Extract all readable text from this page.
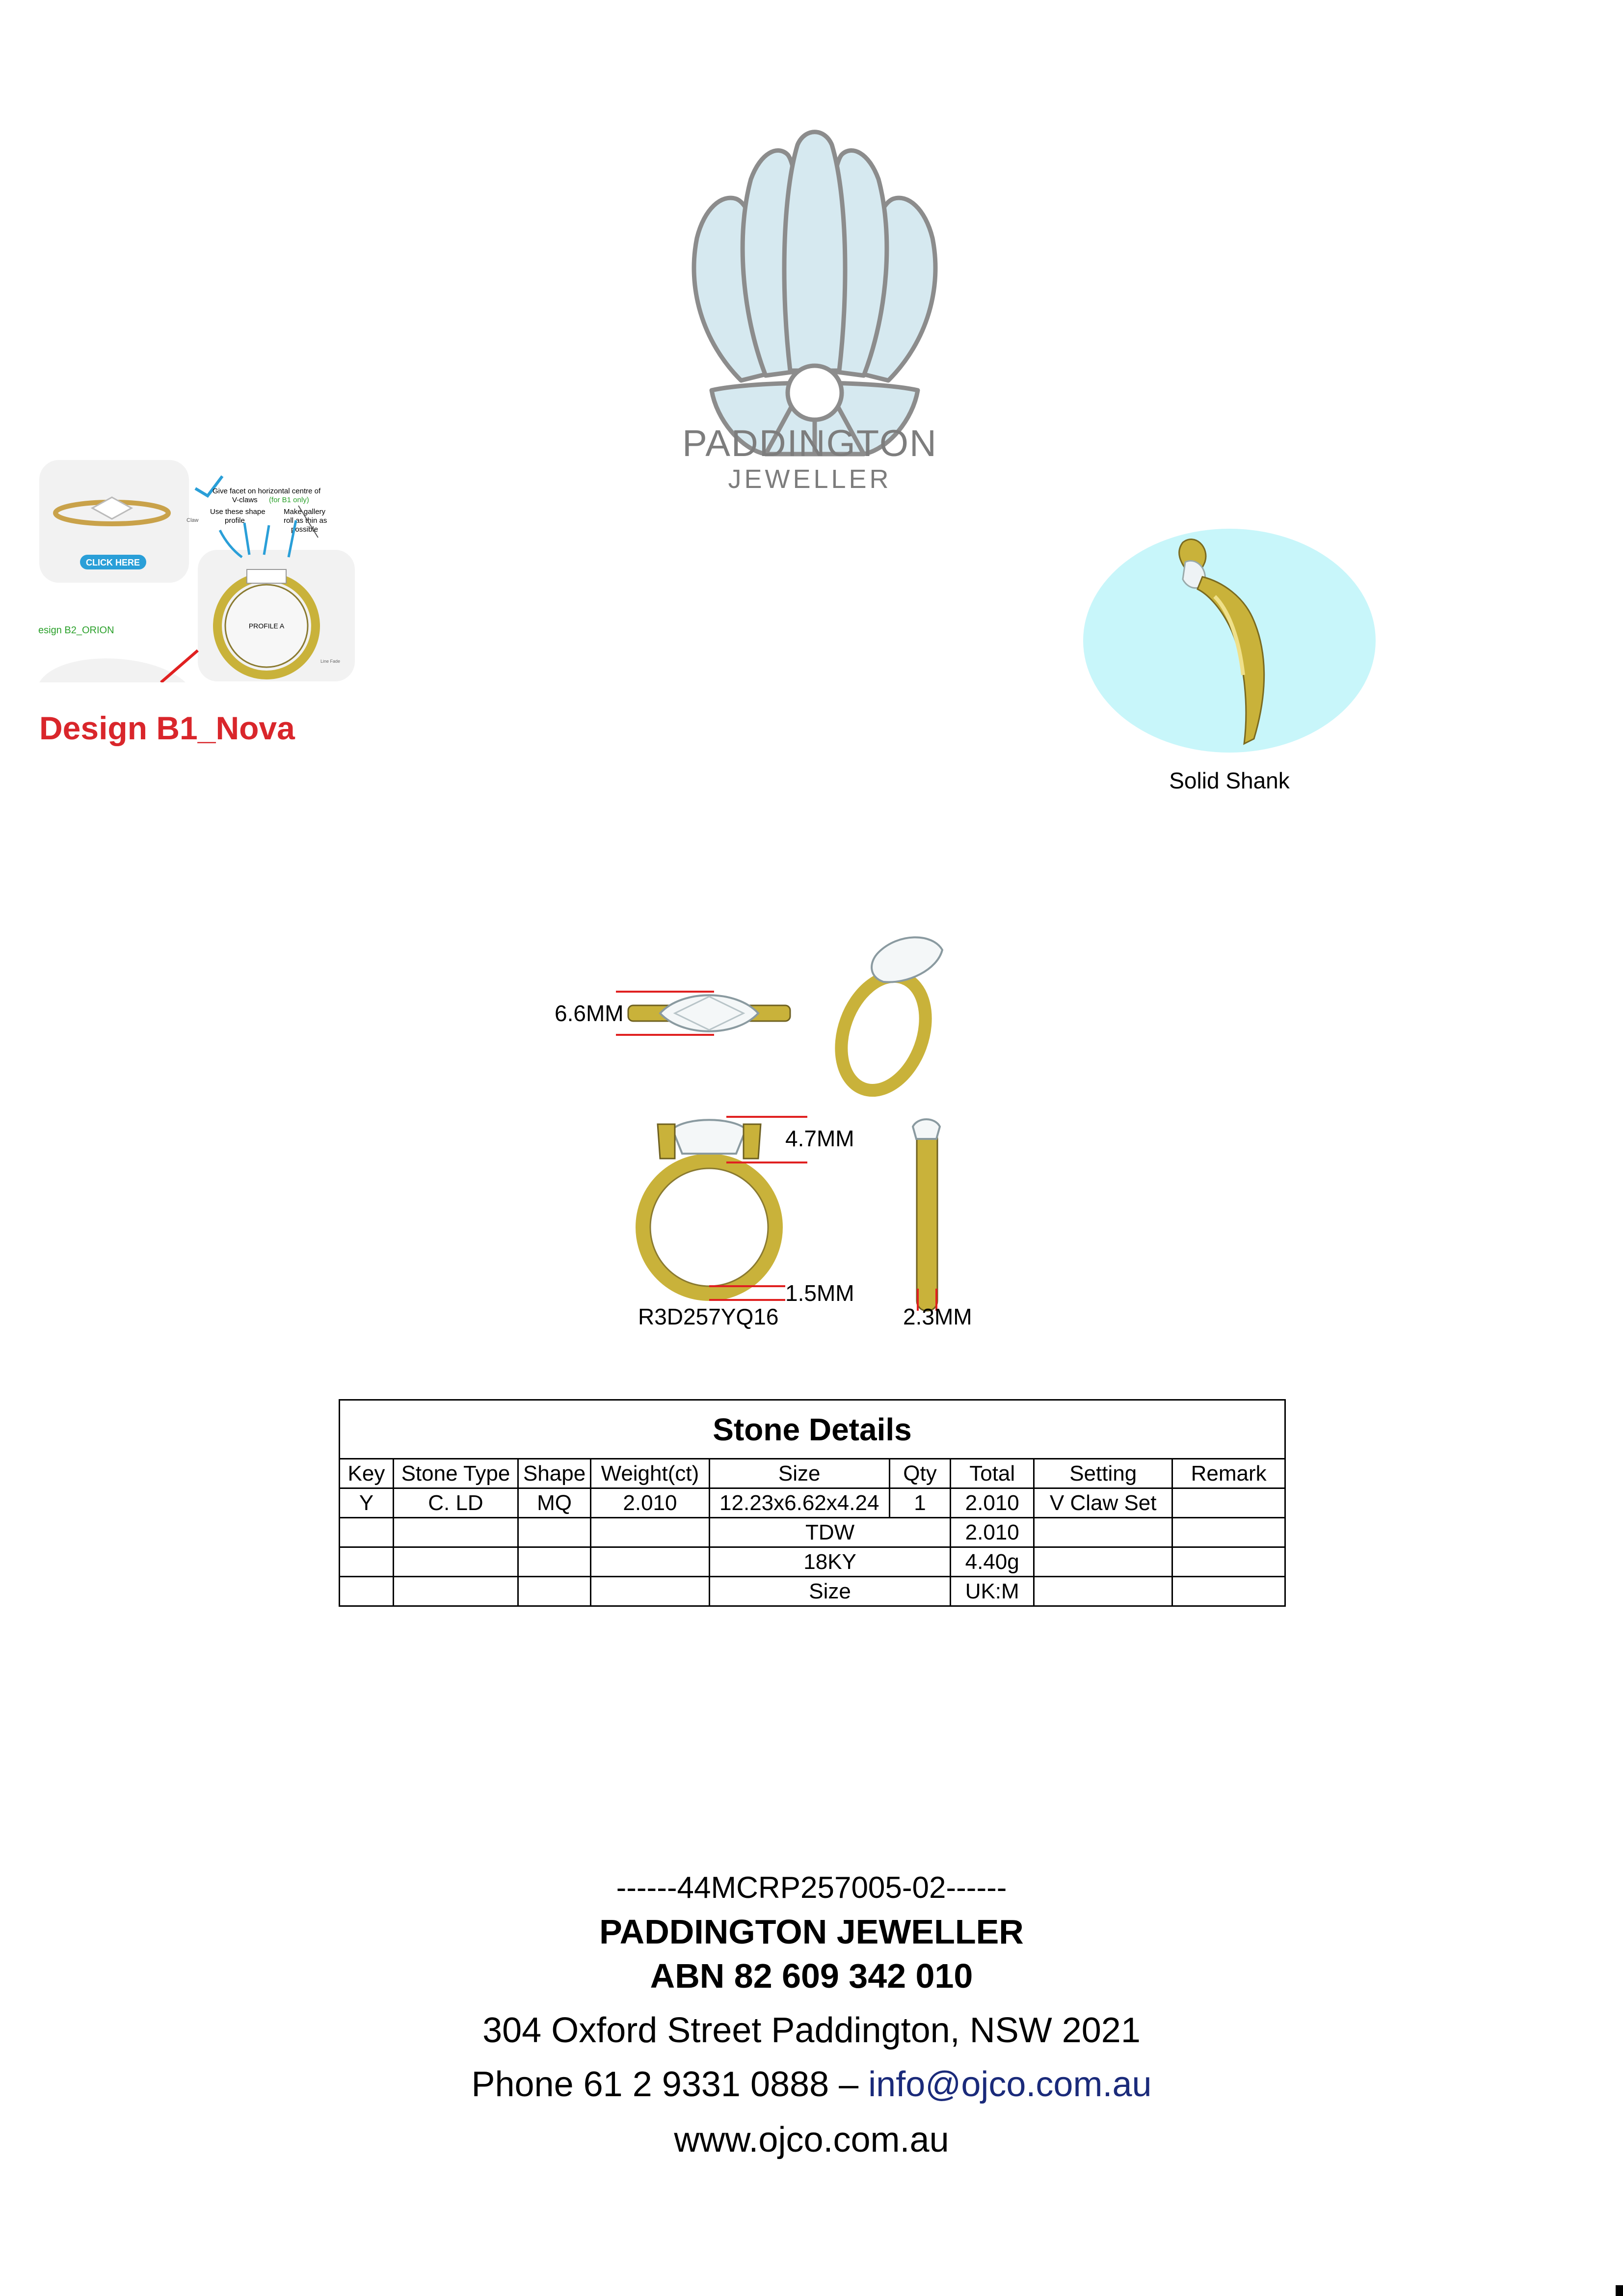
PADDINGTON
JEWELLER
CLICK HERE
Claw
Give facet on horizontal centre of
V-claws (for B1 only)
Use these shape
profile
Make gallery
roll as thin as
possible
PROFILE A
Line Fade
esign B2_ORION
Design B1_Nova
Solid Shank
6.6MM
4.7MM
1.5MM
R3D257YQ16	2.3MM
Stone Details								
Key	Stone Type	Shape	Weight(ct)	Size	Qty	Total	Setting	Remark
Y	C. LD	MQ	2.010	12.23x6.62x4.24	1	2.010	V Claw Set	
				TDW		2.010		
				18KY		4.40g		
				Size		UK:M		
------44MCRP257005-02------
PADDINGTON JEWELLER
ABN 82 609 342 010
304 Oxford Street Paddington, NSW 2021
Phone 61 2 9331 0888 – info@ojco.com.au
www.ojco.com.au
